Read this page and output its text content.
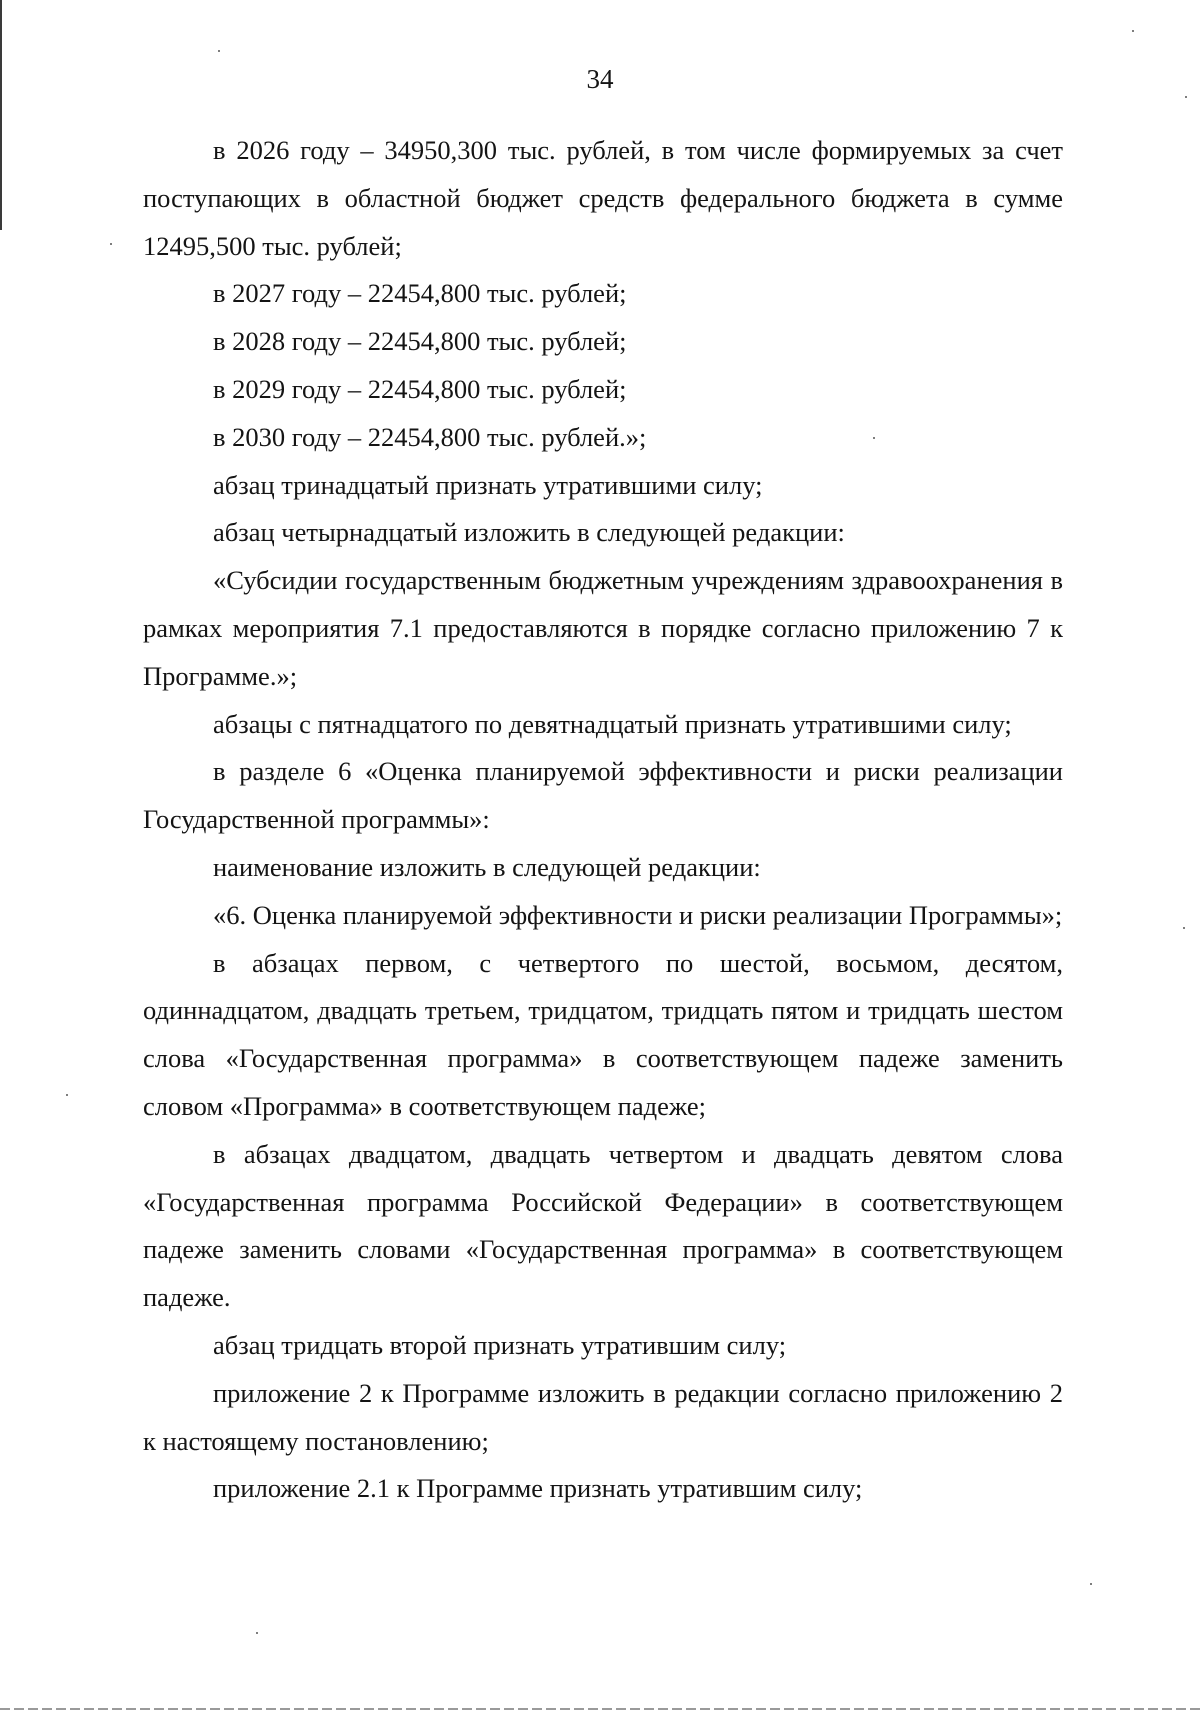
34

в 2026 году – 34950,300 тыс. рублей, в том числе формируемых за счет поступающих в областной бюджет средств федерального бюджета в сумме 12495,500 тыс. рублей;

в 2027 году – 22454,800 тыс. рублей;

в 2028 году – 22454,800 тыс. рублей;

в 2029 году – 22454,800 тыс. рублей;

в 2030 году – 22454,800 тыс. рублей.»;

абзац тринадцатый признать утратившими силу;

абзац четырнадцатый изложить в следующей редакции:

«Субсидии государственным бюджетным учреждениям здравоохранения в рамках мероприятия 7.1 предоставляются в порядке согласно приложению 7 к Программе.»;

абзацы с пятнадцатого по девятнадцатый признать утратившими силу;

в разделе 6 «Оценка планируемой эффективности и риски реализации Государственной программы»:

наименование изложить в следующей редакции:

«6. Оценка планируемой эффективности и риски реализации Программы»;

в абзацах первом, с четвертого по шестой, восьмом, десятом, одиннадцатом, двадцать третьем, тридцатом, тридцать пятом и тридцать шестом слова «Государственная программа» в соответствующем падеже заменить словом «Программа» в соответствующем падеже;

в абзацах двадцатом, двадцать четвертом и двадцать девятом слова «Государственная программа Российской Федерации» в соответствующем падеже заменить словами «Государственная программа» в соответствующем падеже.

абзац тридцать второй признать утратившим силу;

приложение 2 к Программе изложить в редакции согласно приложению 2 к настоящему постановлению;

приложение 2.1 к Программе признать утратившим силу;
